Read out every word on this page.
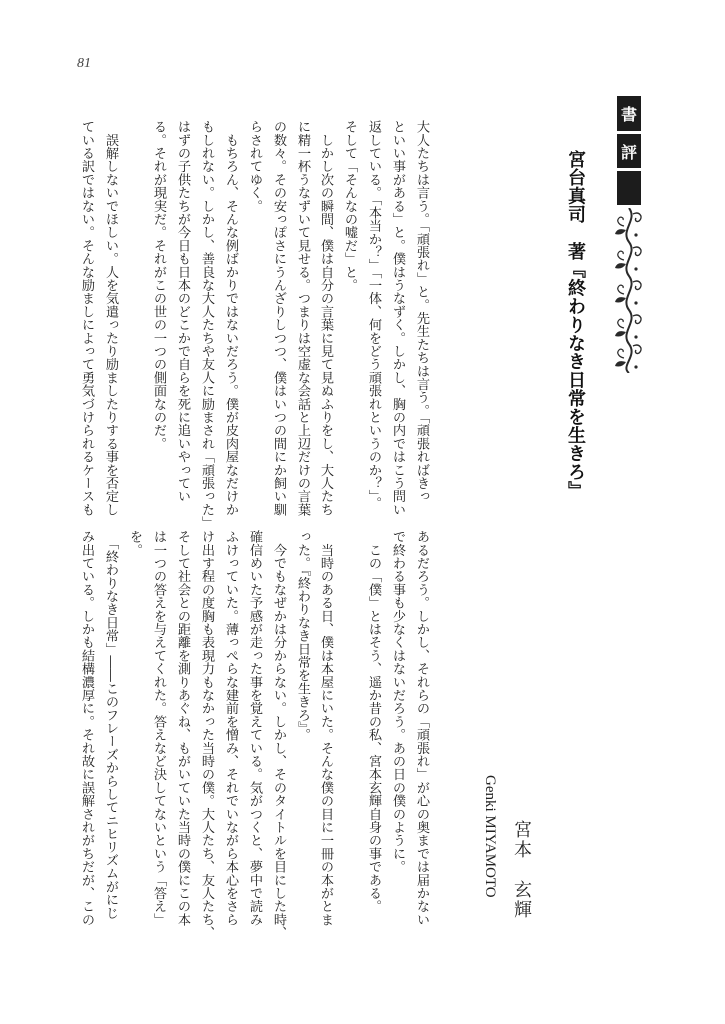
81
書
評
宮台真司　著『終わりなき日常を生きろ』
宮本　玄輝
Genki MIYAMOTO
大人たちは言う。「頑張れ」と。先生たちは言う。「頑張ればきっ
といい事がある」と。僕はうなずく。しかし、胸の内ではこう問い
返している。「本当か？」「一体、何をどう頑張れというのか？」。
そして「そんなの嘘だ」と。
　しかし次の瞬間、僕は自分の言葉に見て見ぬふりをし、大人たち
に精一杯うなずいて見せる。つまりは空虚な会話と上辺だけの言葉
の数々。その安っぽさにうんざりしつつ、僕はいつの間にか飼い馴
らされてゆく。
　もちろん、そんな例ばかりではないだろう。僕が皮肉屋なだけか
もしれない。しかし、善良な大人たちや友人に励まされ「頑張った」
はずの子供たちが今日も日本のどこかで自らを死に追いやってい
る。それが現実だ。それがこの世の一つの側面なのだ。
　誤解しないでほしい。人を気遣ったり励ましたりする事を否定し
ている訳ではない。そんな励ましによって勇気づけられるケースも
あるだろう。しかし、それらの「頑張れ」が心の奥までは届かない
で終わる事も少なくはないだろう。あの日の僕のように。
　この「僕」とはそう、遥か昔の私、宮本玄輝自身の事である。
　当時のある日、僕は本屋にいた。そんな僕の目に一冊の本がとま
った。『終わりなき日常を生きろ』。
　今でもなぜかは分からない。しかし、そのタイトルを目にした時、
確信めいた予感が走った事を覚えている。気がつくと、夢中で読み
ふけっていた。薄っぺらな建前を憎み、それでいながら本心をさら
け出す程の度胸も表現力もなかった当時の僕。大人たち、友人たち、
そして社会との距離を測りあぐね、もがいていた当時の僕にこの本
は一つの答えを与えてくれた。答えなど決してないという「答え」
を。
　「終わりなき日常」――このフレーズからしてニヒリズムがにじ
み出ている。しかも結構濃厚に。それ故に誤解されがちだが、この
